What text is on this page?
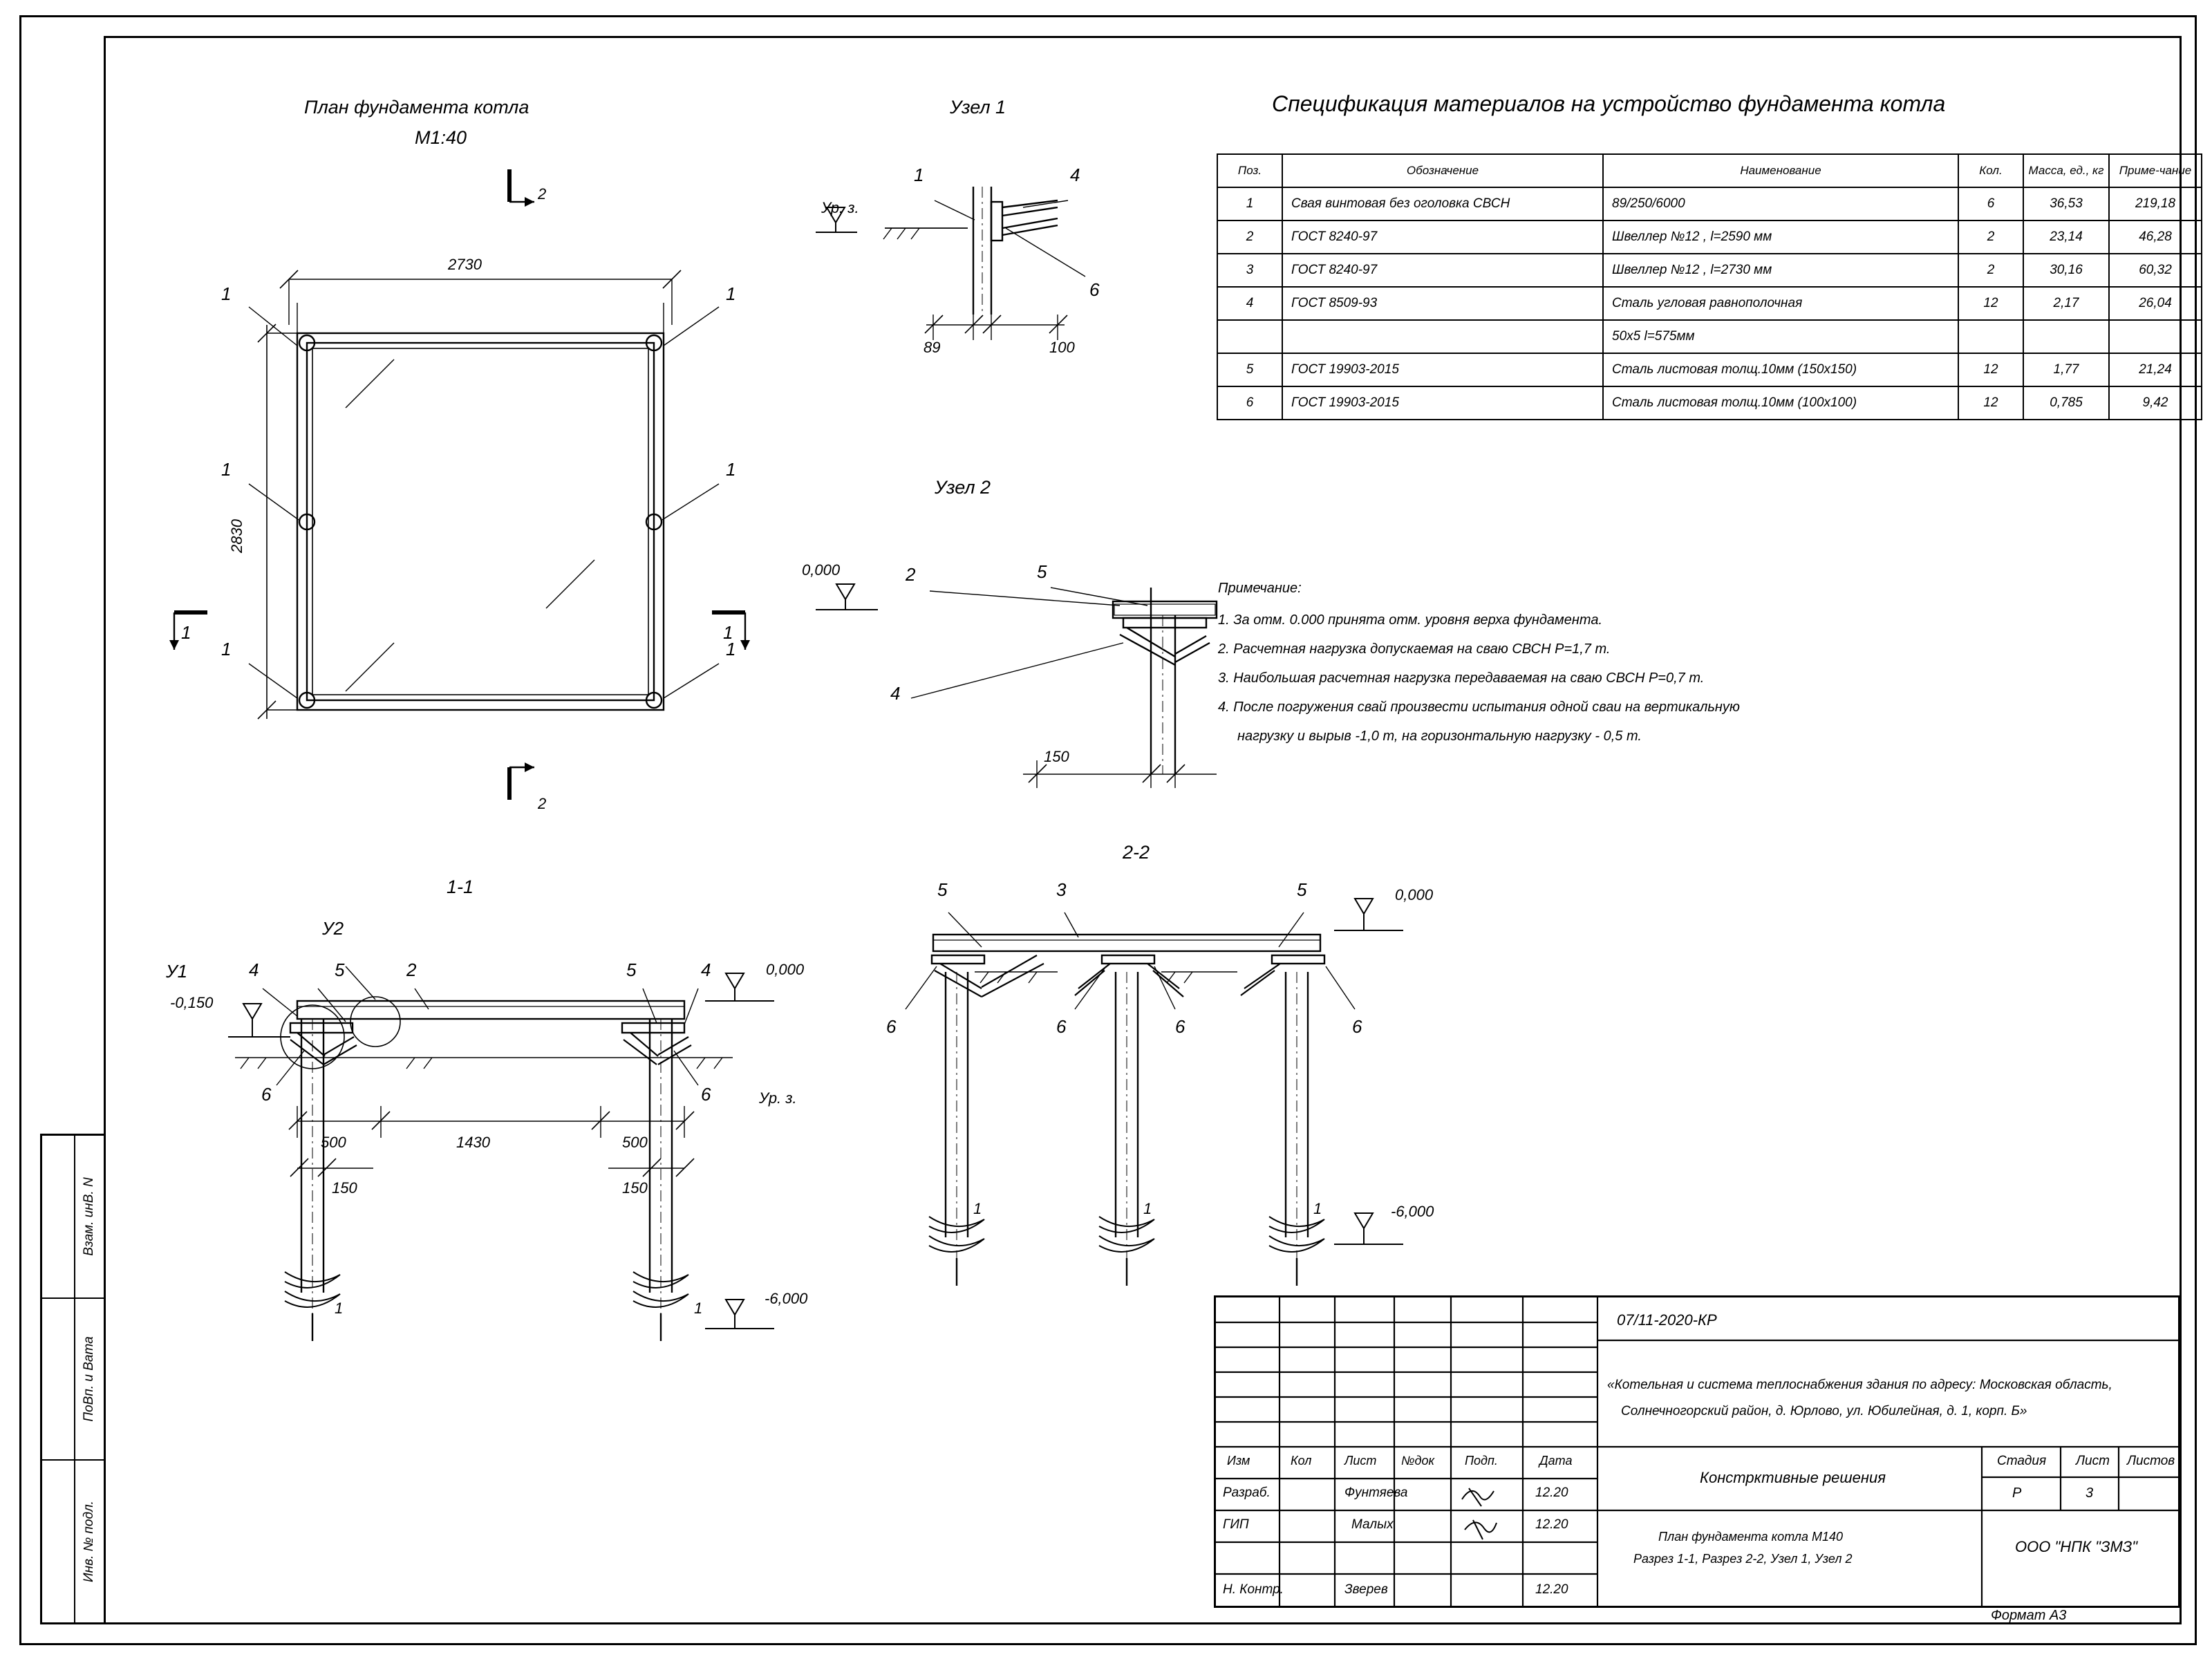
Взам. инВ. N
ПоВп. и Вата
Инв. № подл.
План фундамента котла
М1:40
2730
2830
1	1
1	1
1	1
1	1
2
2
Узел 1
Ур. з.
1	4
6
89	100
Узел 2
0,000	2	5
4
150
1-1
У1
У2
4	5	2	5	4
6	6
0,000
-0,150
-6,000
Ур. з.
500	1430	500
150	150
1	1
2-2
5	3	5
6	6	6	6
0,000
-6,000
1	1	1
Спецификация материалов на устройство фундамента котла
Поз.	Обозначение	Наименование	Кол.	Масса, ед., кг	Приме-чание
1	Свая винтовая без оголовка СВСН	89/250/6000	6	36,53	219,18
2	ГОСТ 8240-97	Швеллер №12 , l=2590 мм	2	23,14	46,28
3	ГОСТ 8240-97	Швеллер №12 , l=2730 мм	2	30,16	60,32
4	ГОСТ 8509-93	Сталь угловая равнополочная	12	2,17	26,04
		50x5 l=575мм			
5	ГОСТ 19903-2015	Сталь листовая толщ.10мм (150х150)	12	1,77	21,24
6	ГОСТ 19903-2015	Сталь листовая толщ.10мм (100х100)	12	0,785	9,42
Примечание:
1. За отм. 0.000 принята отм. уровня верха фундамента.
2. Расчетная нагрузка допускаемая на сваю СВСН Р=1,7 т.
3. Наибольшая расчетная нагрузка передаваемая на сваю СВСН Р=0,7 т.
4. После погружения свай произвести испытания одной сваи на вертикальную
нагрузку и вырыв -1,0 т, на горизонтальную нагрузку - 0,5 т.
07/11-2020-КР
«Котельная и система теплоснабжения здания по адресу: Московская область,
Солнечногорский район, д. Юрлово, ул. Юбилейная, д. 1, корп. Б»
Констрктивные решения
План фундамента котла М140
Разрез 1-1, Разрез 2-2, Узел 1, Узел 2
ООО "НПК "ЗМЗ"
Стадия Лист Листов
Р	3
Изм	Кол	Лист №док Подп.	Дата
Разраб.	Фунтяева	12.20
ГИП	Малых	12.20
Н. Контр.	Зверев	12.20
Формат А3
